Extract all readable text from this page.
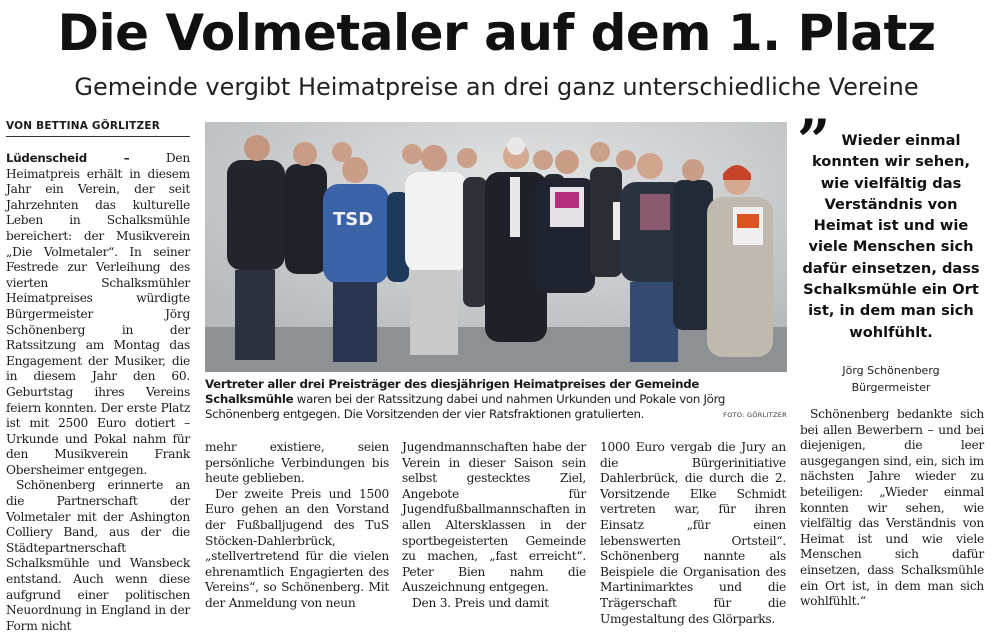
Die Volmetaler auf dem 1. Platz
Gemeinde vergibt Heimatpreise an drei ganz unterschiedliche Vereine
VON BETTINA GÖRLITZER

Lüdenscheid – Den Heimatpreis erhält in diesem Jahr ein Verein, der seit Jahrzehnten das kulturelle Leben in Schalksmühle bereichert: der Musikverein „Die Volmetaler“. In seiner Festrede zur Verleihung des vierten Schalksmühler Heimatpreises würdigte Bürgermeister Jörg Schönenberg in der Ratssitzung am Montag das Engagement der Musiker, die in diesem Jahr den 60. Geburtstag ihres Vereins feiern konnten. Der erste Platz ist mit 2500 Euro dotiert – Urkunde und Pokal nahm für den Musikverein Frank Obersheimer entgegen.

Schönenberg erinnerte an die Partnerschaft der Volmetaler mit der Ashington Colliery Band, aus der die Städtepartnerschaft Schalksmühle und Wansbeck entstand. Auch wenn diese aufgrund einer politischen Neuordnung in England in der Form nicht

TSD
Vertreter aller drei Preisträger des diesjährigen Heimatpreises der Gemeinde Schalksmühle waren bei der Ratssitzung dabei und nahmen Urkunden und Pokale von Jörg Schönenberg entgegen. Die Vorsitzenden der vier Ratsfraktionen gratulierten.	FOTO: GÖRLITZER

mehr existiere, seien persönliche Verbindungen bis heute geblieben.

Der zweite Preis und 1500 Euro gehen an den Vorstand der Fußballjugend des TuS Stöcken-Dahlerbrück, „stellvertretend für die vielen ehrenamtlich Engagierten des Vereins“, so Schönenberg. Mit der Anmeldung von neun

Jugendmannschaften habe der Verein in dieser Saison sein selbst gestecktes Ziel, Angebote für Jugendfußballmannschaften in allen Altersklassen in der sportbegeisterten Gemeinde zu machen, „fast erreicht“. Peter Bien nahm die Auszeichnung entgegen.

Den 3. Preis und damit

1000 Euro vergab die Jury an die Bürgerinitiative Dahlerbrück, die durch die 2. Vorsitzende Elke Schmidt vertreten war, für ihren Einsatz „für einen lebenswerten Ortsteil“. Schönenberg nannte als Beispiele die Organisation des Martinimarktes und die Trägerschaft für die Umgestaltung des Glörparks.

” Wieder einmal konnten wir sehen, wie vielfältig das Verständnis von Heimat ist und wie viele Menschen sich dafür einsetzen, dass Schalksmühle ein Ort ist, in dem man sich wohlfühlt.
Jörg Schönenberg
Bürgermeister

Schönenberg bedankte sich bei allen Bewerbern – und bei diejenigen, die leer ausgegangen sind, ein, sich im nächsten Jahre wieder zu beteiligen: „Wieder einmal konnten wir sehen, wie vielfältig das Verständnis von Heimat ist und wie viele Menschen sich dafür einsetzen, dass Schalksmühle ein Ort ist, in dem man sich wohlfühlt.“
